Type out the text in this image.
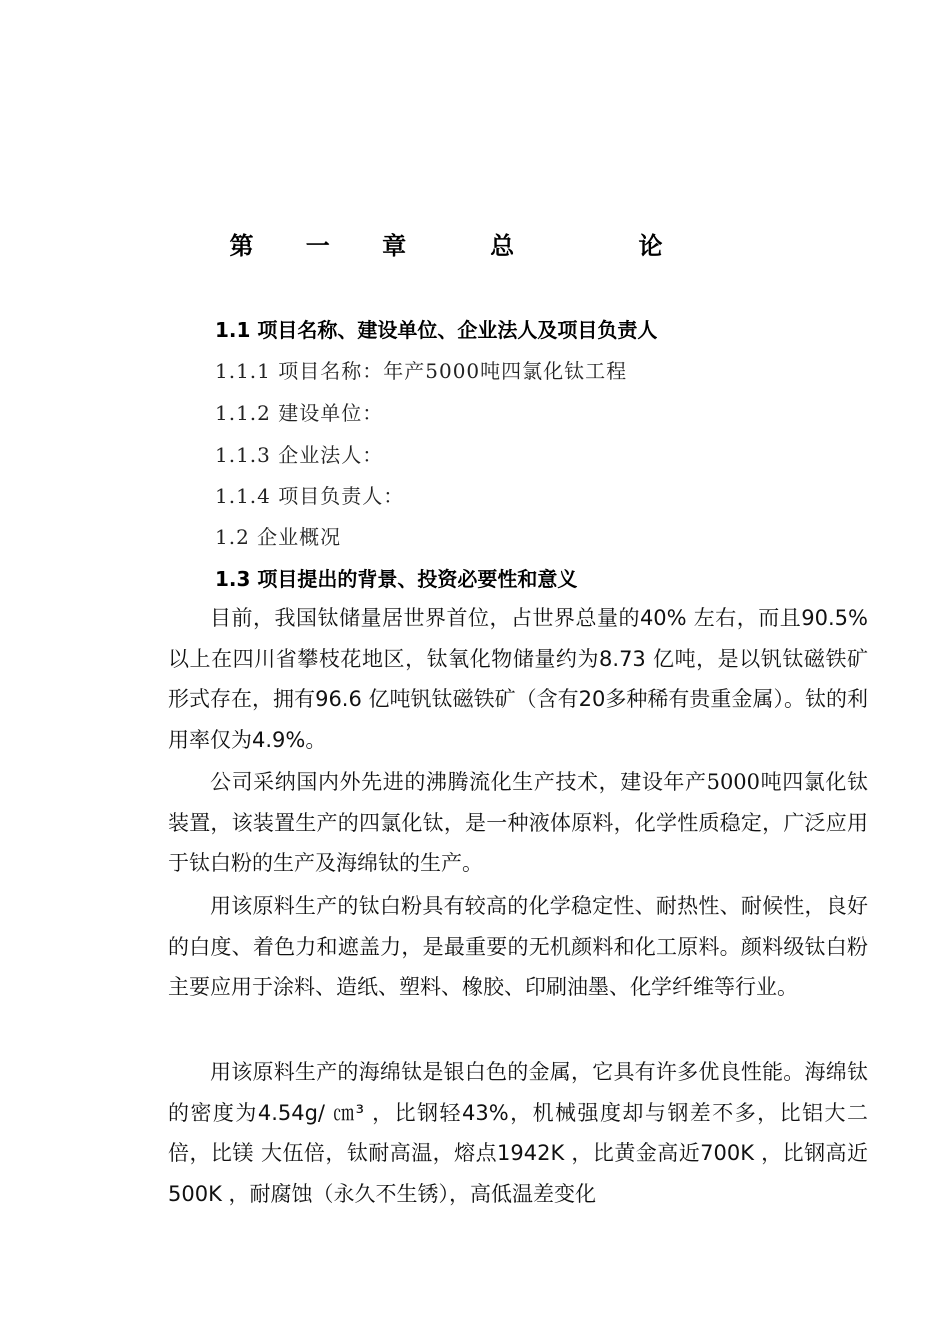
第 一 章	总 论
1.1 项目名称、建设单位、企业法人及项目负责人
1.1.1 项目名称：年产5000吨四氯化钛工程
1.1.2 建设单位：
1.1.3 企业法人：
1.1.4 项目负责人：
1.2 企业概况
1.3 项目提出的背景、投资必要性和意义

目前，我国钛储量居世界首位，占世界总量的40% 左右，而且90.5% 以上在四川省攀枝花地区，钛氧化物储量约为8.73 亿吨，是以钒钛磁铁矿形式存在，拥有96.6 亿吨钒钛磁铁矿（含有20多种稀有贵重金属）。钛的利用率仅为4.9%。

公司采纳国内外先进的沸腾流化生产技术，建设年产5000吨四氯化钛装置，该装置生产的四氯化钛，是一种液体原料，化学性质稳定，广泛应用于钛白粉的生产及海绵钛的生产。

用该原料生产的钛白粉具有较高的化学稳定性、耐热性、耐候性，良好的白度、着色力和遮盖力，是最重要的无机颜料和化工原料。颜料级钛白粉主要应用于涂料、造纸、塑料、橡胶、印刷油墨、化学纤维等行业。

用该原料生产的海绵钛是银白色的金属，它具有许多优良性能。海绵钛的密度为4.54g/ ㎝³ ，比钢轻43%，机械强度却与钢差不多，比铝大二倍，比镁 大伍倍，钛耐高温，熔点1942K ，比黄金高近700K ，比钢高近500K ，耐腐蚀（永久不生锈），高低温差变化
